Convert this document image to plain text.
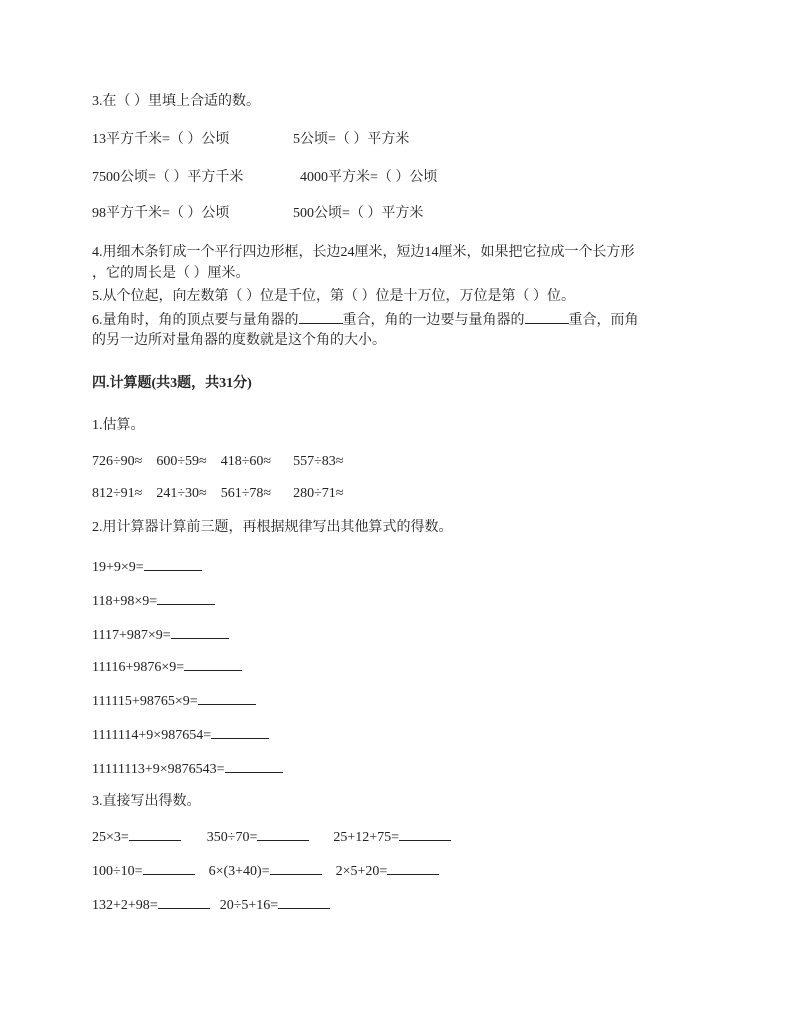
3.在（ ）里填上合适的数。
13平方千米=（ ）公顷	5公顷=（ ）平方米
7500公顷=（ ）平方千米	4000平方米=（ ）公顷
98平方千米=（ ）公顷	500公顷=（ ）平方米
4.用细木条钉成一个平行四边形框，长边24厘米，短边14厘米，如果把它拉成一个长方形
，它的周长是（ ）厘米。
5.从个位起，向左数第（ ）位是千位，第（ ）位是十万位，万位是第（ ）位。
6.量角时，角的顶点要与量角器的	重合，角的一边要与量角器的	重合，而角
的另一边所对量角器的度数就是这个角的大小。
四.计算题(共3题，共31分)
1.估算。
726÷90≈ 600÷59≈ 418÷60≈ 557÷83≈
812÷91≈ 241÷30≈ 561÷78≈ 280÷71≈
2.用计算器计算前三题，再根据规律写出其他算式的得数。
19+9×9=
118+98×9=
1117+987×9=
11116+9876×9=
111115+98765×9=
1111114+9×987654=
11111113+9×9876543=
3.直接写出得数。
25×3=	350÷70=	25+12+75=
100÷10=	6×(3+40)=	2×5+20=
132+2+98=	20÷5+16=
